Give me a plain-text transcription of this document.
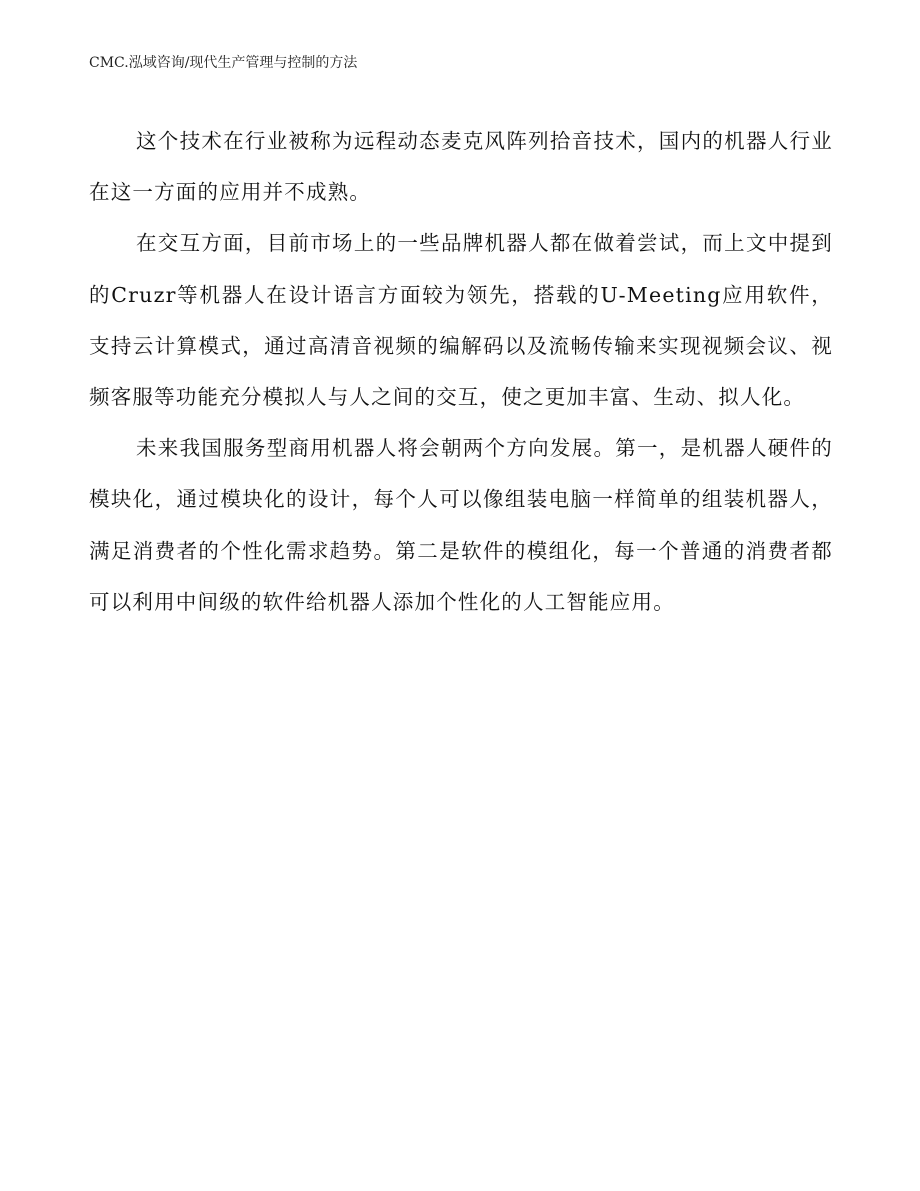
CMC.泓域咨询/现代生产管理与控制的方法

这个技术在行业被称为远程动态麦克风阵列拾音技术，国内的机器人行业在这一方面的应用并不成熟。

在交互方面，目前市场上的一些品牌机器人都在做着尝试，而上文中提到的Cruzr等机器人在设计语言方面较为领先，搭载的U-Meeting应用软件，支持云计算模式，通过高清音视频的编解码以及流畅传输来实现视频会议、视频客服等功能充分模拟人与人之间的交互，使之更加丰富、生动、拟人化。

未来我国服务型商用机器人将会朝两个方向发展。第一，是机器人硬件的模块化，通过模块化的设计，每个人可以像组装电脑一样简单的组装机器人，满足消费者的个性化需求趋势。第二是软件的模组化，每一个普通的消费者都可以利用中间级的软件给机器人添加个性化的人工智能应用。
